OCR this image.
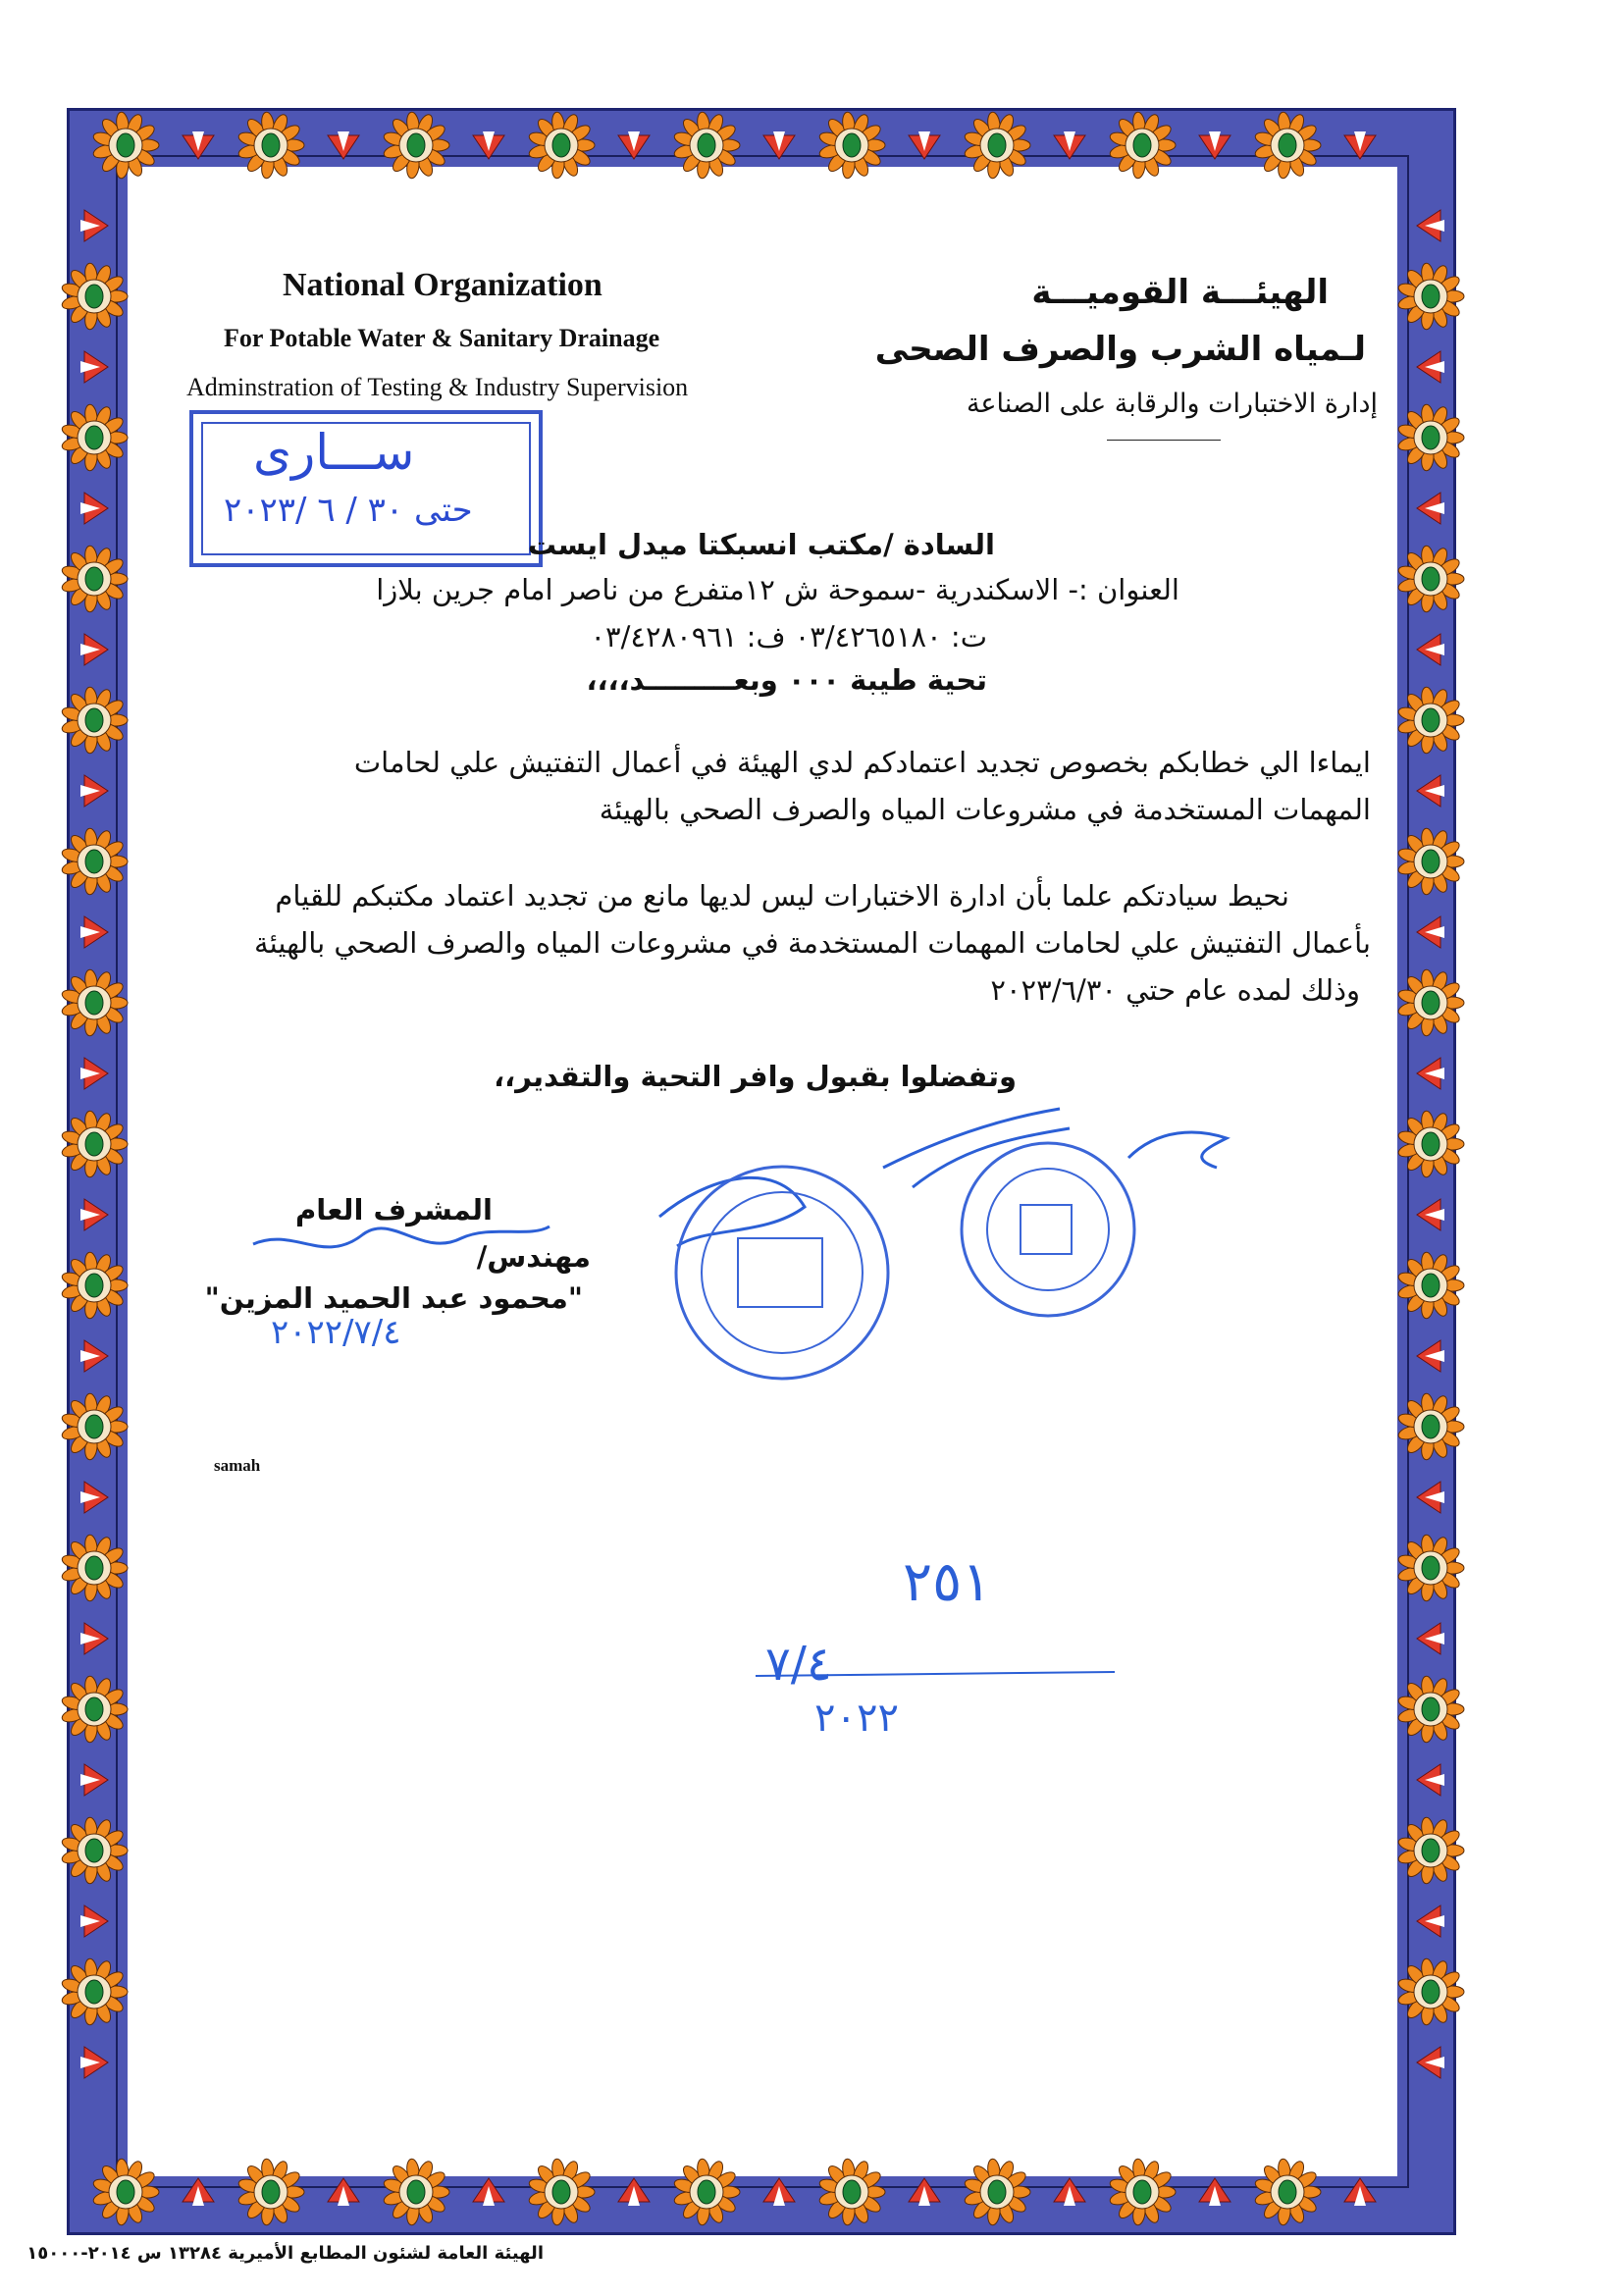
National Organization
For Potable Water & Sanitary Drainage
Adminstration of Testing & Industry Supervision
الهيئـــة القوميـــة
لـمياه الشرب والصرف الصحى
إدارة الاختبارات والرقابة على الصناعة
ســـارى
حتى ٣٠ / ٦ /٢٠٢٣
السادة /مكتب انسبكتا ميدل ايست
العنوان :- الاسكندرية -سموحة ش ١٢متفرع من ناصر امام جرين بلازا
ت: ٠٣/٤٢٦٥١٨٠ ف: ٠٣/٤٢٨٠٩٦١
تحية طيبة ٠٠٠ وبعـــــــــد،،،،
ايماءا الي خطابكم بخصوص تجديد اعتمادكم لدي الهيئة في أعمال التفتيش علي لحامات
المهمات المستخدمة في مشروعات المياه والصرف الصحي بالهيئة
نحيط سيادتكم علما بأن ادارة الاختبارات ليس لديها مانع من تجديد اعتماد مكتبكم للقيام
بأعمال التفتيش علي لحامات المهمات المستخدمة في مشروعات المياه والصرف الصحي بالهيئة
وذلك لمده عام حتي ٢٠٢٣/٦/٣٠
وتفضلوا بقبول وافر التحية والتقدير،،
المشرف العام
مهندس/
"محمود عبد الحميد المزين"
٢٠٢٢/٧/٤
samah
٢٥١
٧/٤
٢٠٢٢
الهيئة العامة لشئون المطابع الأميرية ١٣٢٨٤ س ٢٠١٤-١٥٠٠٠
